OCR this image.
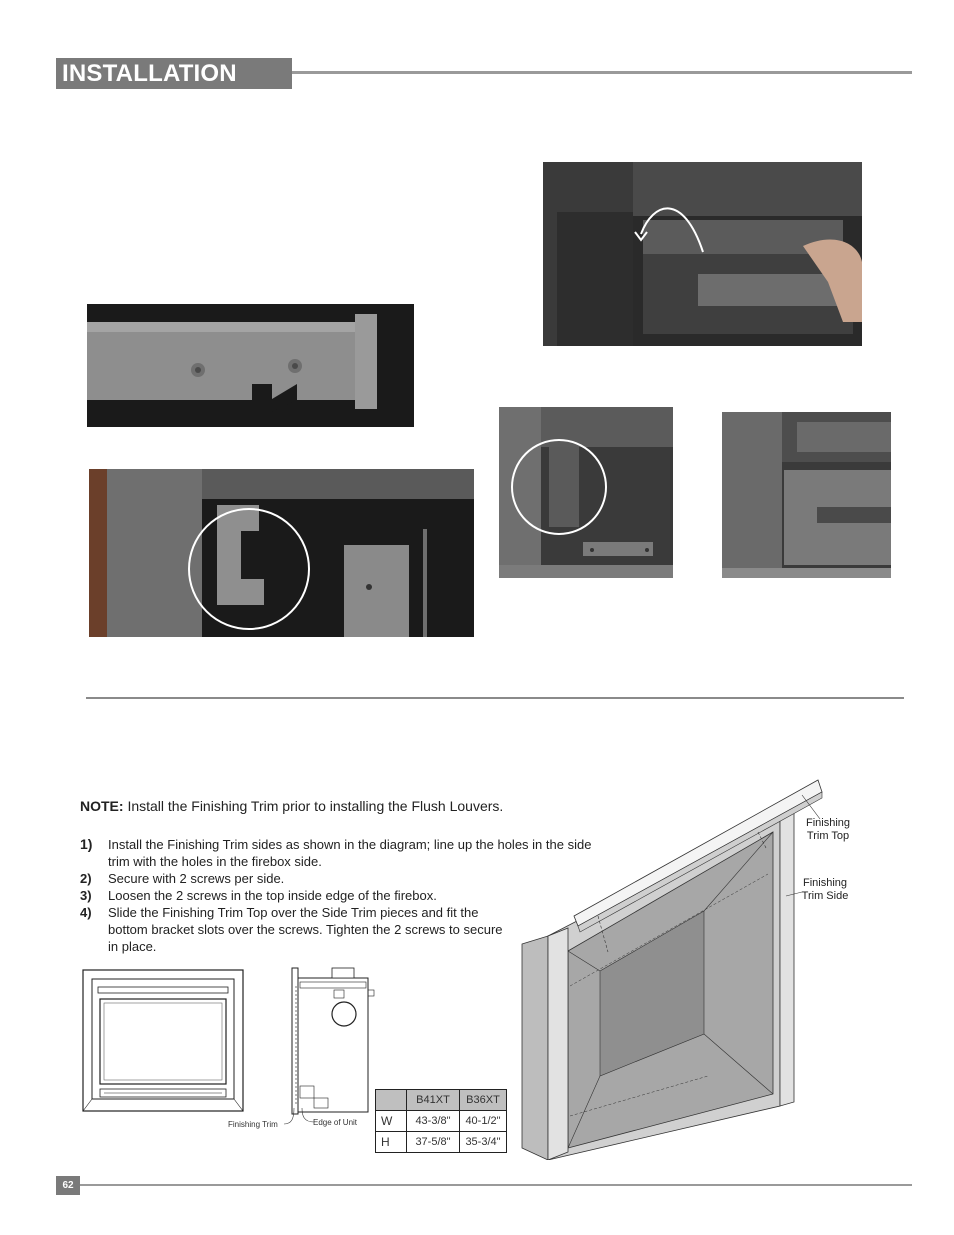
INSTALLATION
NOTE: Install the Finishing Trim prior to installing the Flush Louvers.
1)	Install the Finishing Trim sides as shown in the diagram; line up the holes in the side trim with the holes in the firebox side.
2)	Secure with 2 screws per side.
3)	Loosen the 2 screws in the top inside edge of the firebox.
4)	Slide the Finishing Trim Top over the Side Trim pieces and fit the bottom bracket slots over the screws. Tighten the 2 screws to secure in place.
Finishing Trim	Edge of Unit
	B41XT	B36XT
W	43-3/8"	40-1/2"
H	37-5/8"	35-3/4"
Finishing Trim Top
Finishing Trim Side
62
